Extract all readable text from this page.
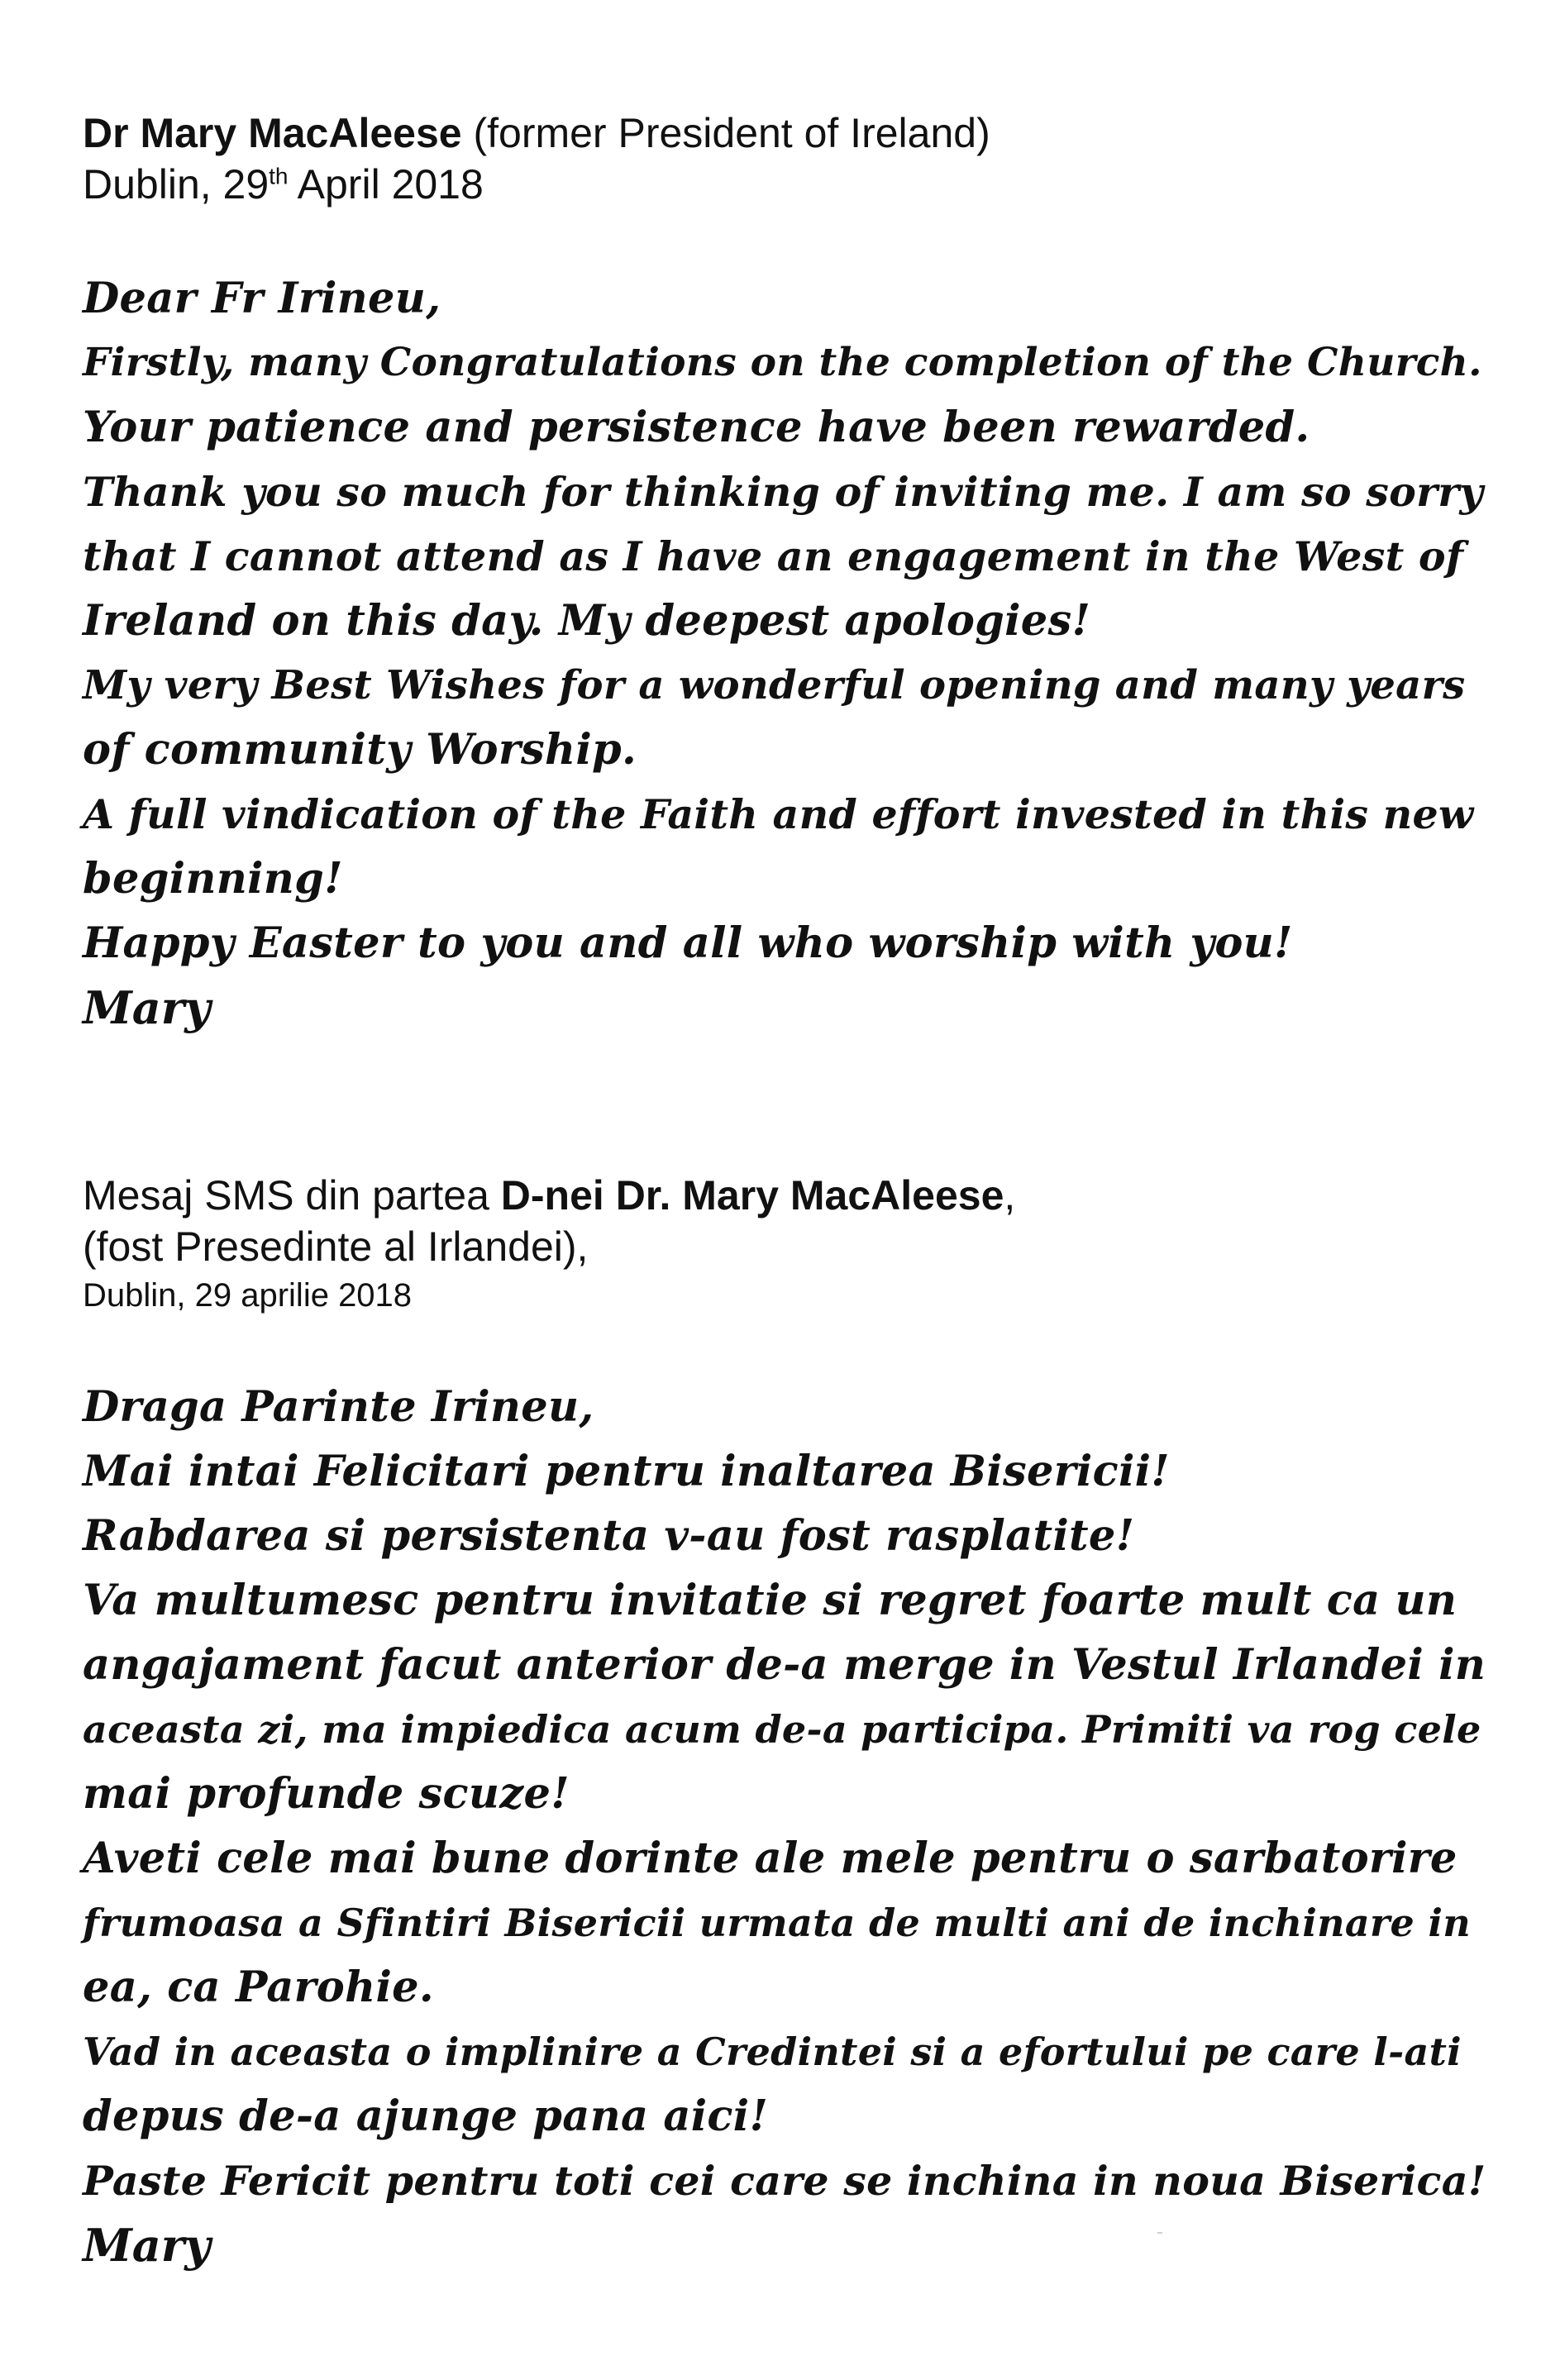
Dr Mary MacAleese (former President of Ireland)

Dublin, 29th April 2018

Dear Fr Irineu,

Firstly, many Congratulations on the completion of the Church.

Your patience and persistence have been rewarded.

Thank you so much for thinking of inviting me. I am so sorry

that I cannot attend as I have an engagement in the West of

Ireland on this day. My deepest apologies!

My very Best Wishes for a wonderful opening and many years

of community Worship.

A full vindication of the Faith and effort invested in this new

beginning!

Happy Easter to you and all who worship with you!

Mary

Mesaj SMS din partea D-nei Dr. Mary MacAleese,

(fost Presedinte al Irlandei),

Dublin, 29 aprilie 2018

Draga Parinte Irineu,

Mai intai Felicitari pentru inaltarea Bisericii!

Rabdarea si persistenta v-au fost rasplatite!

Va multumesc pentru invitatie si regret foarte mult ca un

angajament facut anterior de-a merge in Vestul Irlandei in

aceasta zi, ma impiedica acum de-a participa. Primiti va rog cele

mai profunde scuze!

Aveti cele mai bune dorinte ale mele pentru o sarbatorire

frumoasa a Sfintiri Bisericii urmata de multi ani de inchinare in

ea, ca Parohie.

Vad in aceasta o implinire a Credintei si a efortului pe care l-ati

depus de-a ajunge pana aici!

Paste Fericit pentru toti cei care se inchina in noua Biserica!

Mary
